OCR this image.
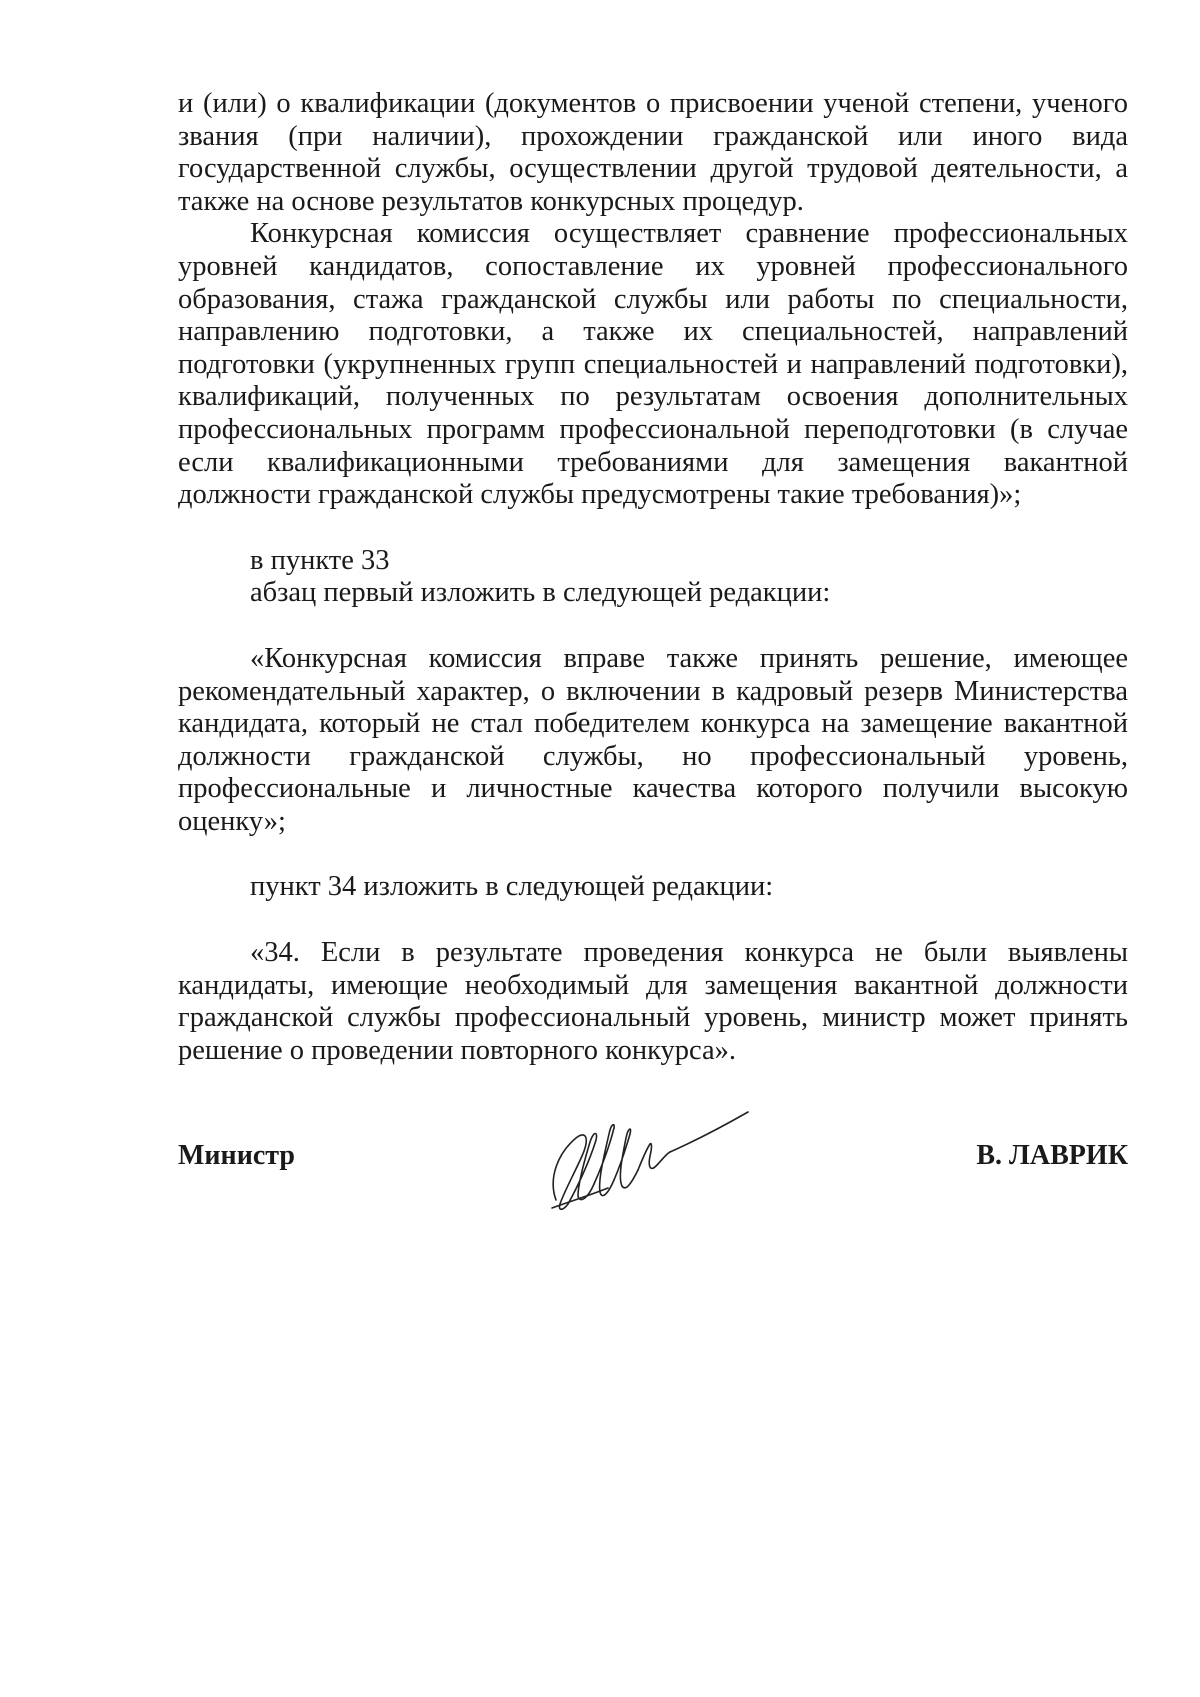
и (или) о квалификации (документов о присвоении ученой степени, ученого звания (при наличии), прохождении гражданской или иного вида государственной службы, осуществлении другой трудовой деятельности, а также на основе результатов конкурсных процедур.

Конкурсная комиссия осуществляет сравнение профессиональных уровней кандидатов, сопоставление их уровней профессионального образования, стажа гражданской службы или работы по специальности, направлению подготовки, а также их специальностей, направлений подготовки (укрупненных групп специальностей и направлений подготовки), квалификаций, полученных по результатам освоения дополнительных профессиональных программ профессиональной переподготовки (в случае если квалификационными требованиями для замещения вакантной должности гражданской службы предусмотрены такие требования)»;

в пункте 33

абзац первый изложить в следующей редакции:

«Конкурсная комиссия вправе также принять решение, имеющее рекомендательный характер, о включении в кадровый резерв Министерства кандидата, который не стал победителем конкурса на замещение вакантной должности гражданской службы, но профессиональный уровень, профессиональные и личностные качества которого получили высокую оценку»;

пункт 34 изложить в следующей редакции:

«34. Если в результате проведения конкурса не были выявлены кандидаты, имеющие необходимый для замещения вакантной должности гражданской службы профессиональный уровень, министр может принять решение о проведении повторного конкурса».

Министр	В. ЛАВРИК
